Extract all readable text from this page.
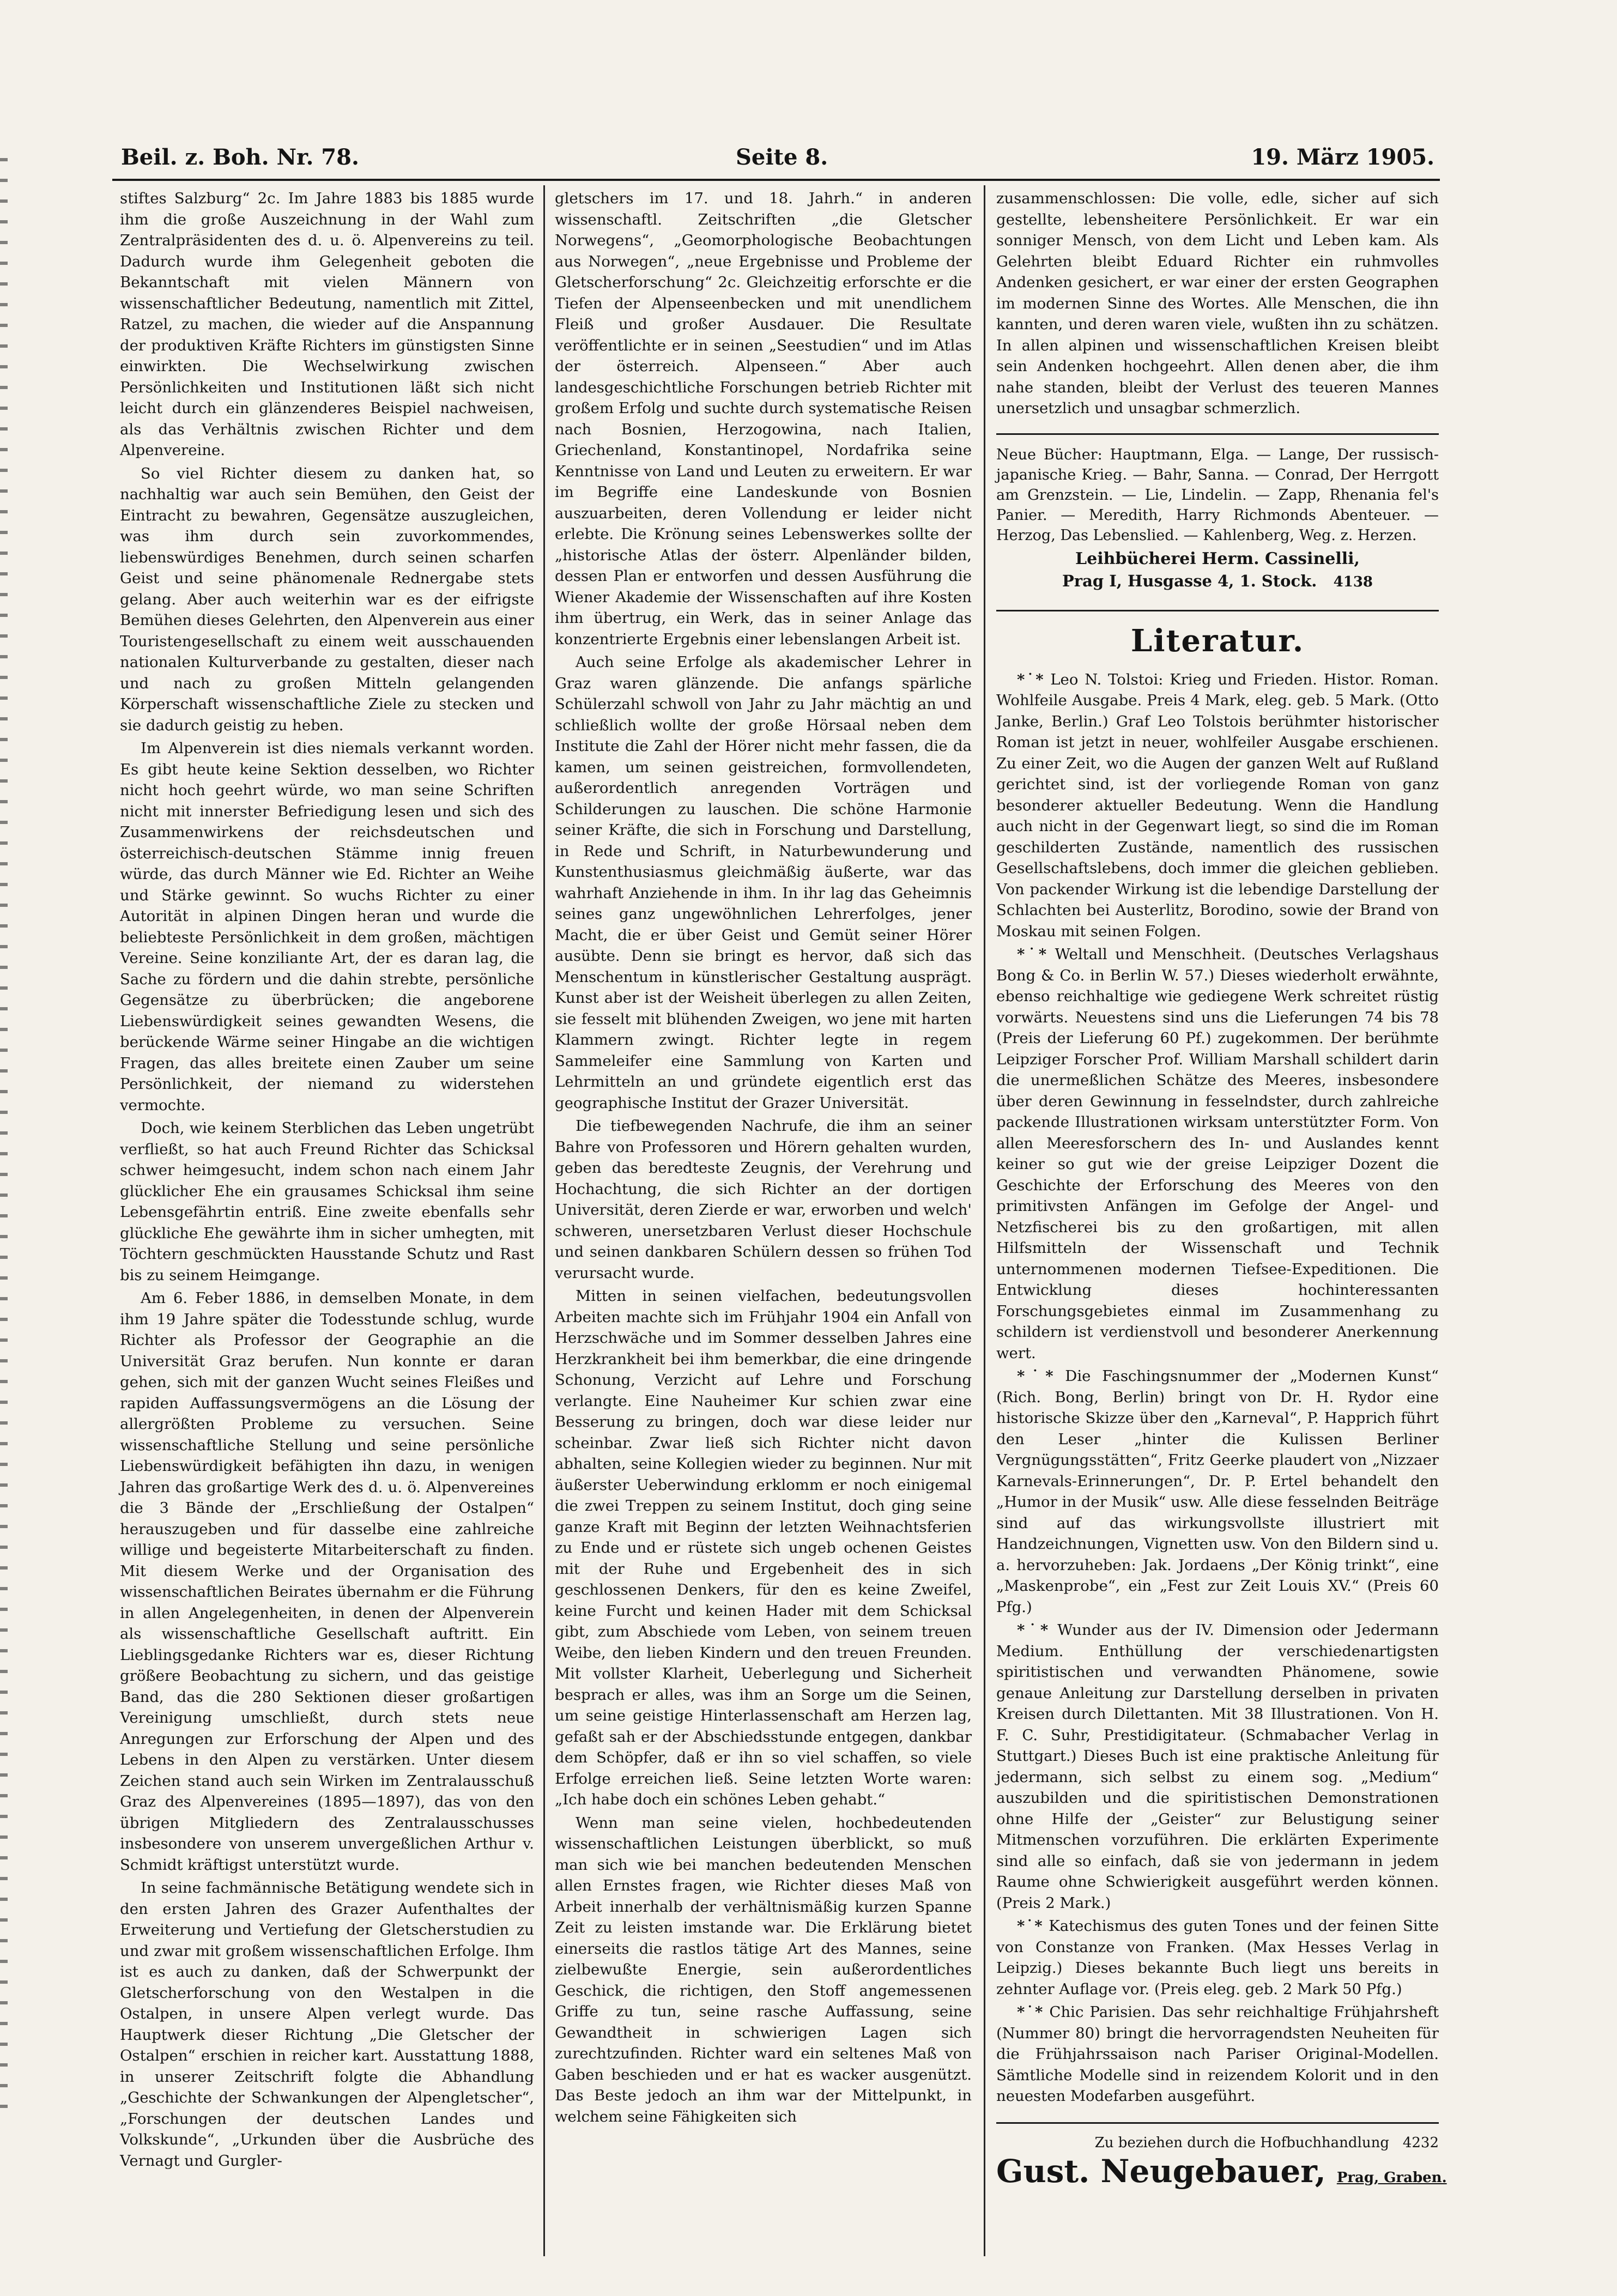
Beil. z. Boh. Nr. 78.	Seite 8.	19. März 1905.

stiftes Salzburg“ 2c. Im Jahre 1883 bis 1885 wurde ihm die große Auszeichnung in der Wahl zum Zentralpräsidenten des d. u. ö. Alpenvereins zu teil. Dadurch wurde ihm Gelegenheit geboten die Bekanntschaft mit vielen Männern von wissenschaftlicher Bedeutung, namentlich mit Zittel, Ratzel, zu machen, die wieder auf die Anspannung der produktiven Kräfte Richters im günstigsten Sinne einwirkten. Die Wechselwirkung zwischen Persönlichkeiten und Institutionen läßt sich nicht leicht durch ein glänzenderes Beispiel nachweisen, als das Verhältnis zwischen Richter und dem Alpenvereine.

So viel Richter diesem zu danken hat, so nachhaltig war auch sein Bemühen, den Geist der Eintracht zu bewahren, Gegensätze auszugleichen, was ihm durch sein zuvorkommendes, liebenswürdiges Benehmen, durch seinen scharfen Geist und seine phänomenale Rednergabe stets gelang. Aber auch weiterhin war es der eifrigste Bemühen dieses Gelehrten, den Alpenverein aus einer Touristengesellschaft zu einem weit ausschauenden nationalen Kulturverbande zu gestalten, dieser nach und nach zu großen Mitteln gelangenden Körperschaft wissenschaftliche Ziele zu stecken und sie dadurch geistig zu heben.

Im Alpenverein ist dies niemals verkannt worden. Es gibt heute keine Sektion desselben, wo Richter nicht hoch geehrt würde, wo man seine Schriften nicht mit innerster Befriedigung lesen und sich des Zusammenwirkens der reichsdeutschen und österreichisch-deutschen Stämme innig freuen würde, das durch Männer wie Ed. Richter an Weihe und Stärke gewinnt. So wuchs Richter zu einer Autorität in alpinen Dingen heran und wurde die beliebteste Persönlichkeit in dem großen, mächtigen Vereine. Seine konziliante Art, der es daran lag, die Sache zu fördern und die dahin strebte, persönliche Gegensätze zu überbrücken; die angeborene Liebenswürdigkeit seines gewandten Wesens, die berückende Wärme seiner Hingabe an die wichtigen Fragen, das alles breitete einen Zauber um seine Persönlichkeit, der niemand zu widerstehen vermochte.

Doch, wie keinem Sterblichen das Leben ungetrübt verfließt, so hat auch Freund Richter das Schicksal schwer heimgesucht, indem schon nach einem Jahr glücklicher Ehe ein grausames Schicksal ihm seine Lebensgefährtin entriß. Eine zweite ebenfalls sehr glückliche Ehe gewährte ihm in sicher umhegten, mit Töchtern geschmückten Hausstande Schutz und Rast bis zu seinem Heimgange.

Am 6. Feber 1886, in demselben Monate, in dem ihm 19 Jahre später die Todesstunde schlug, wurde Richter als Professor der Geographie an die Universität Graz berufen. Nun konnte er daran gehen, sich mit der ganzen Wucht seines Fleißes und rapiden Auffassungsvermögens an die Lösung der allergrößten Probleme zu versuchen. Seine wissenschaftliche Stellung und seine persönliche Liebenswürdigkeit befähigten ihn dazu, in wenigen Jahren das großartige Werk des d. u. ö. Alpenvereines die 3 Bände der „Erschließung der Ostalpen“ herauszugeben und für dasselbe eine zahlreiche willige und begeisterte Mitarbeiterschaft zu finden. Mit diesem Werke und der Organisation des wissenschaftlichen Beirates übernahm er die Führung in allen Angelegenheiten, in denen der Alpenverein als wissenschaftliche Gesellschaft auftritt. Ein Lieblingsgedanke Richters war es, dieser Richtung größere Beobachtung zu sichern, und das geistige Band, das die 280 Sektionen dieser großartigen Vereinigung umschließt, durch stets neue Anregungen zur Erforschung der Alpen und des Lebens in den Alpen zu verstärken. Unter diesem Zeichen stand auch sein Wirken im Zentralausschuß Graz des Alpenvereines (1895—1897), das von den übrigen Mitgliedern des Zentralausschusses insbesondere von unserem unvergeßlichen Arthur v. Schmidt kräftigst unterstützt wurde.

In seine fachmännische Betätigung wendete sich in den ersten Jahren des Grazer Aufenthaltes der Erweiterung und Vertiefung der Gletscherstudien zu und zwar mit großem wissenschaftlichen Erfolge. Ihm ist es auch zu danken, daß der Schwerpunkt der Gletscherforschung von den Westalpen in die Ostalpen, in unsere Alpen verlegt wurde. Das Hauptwerk dieser Richtung „Die Gletscher der Ostalpen“ erschien in reicher kart. Ausstattung 1888, in unserer Zeitschrift folgte die Abhandlung „Geschichte der Schwankungen der Alpengletscher“, „Forschungen der deutschen Landes und Volkskunde“, „Urkunden über die Ausbrüche des Vernagt und Gurgler-

gletschers im 17. und 18. Jahrh.“ in anderen wissenschaftl. Zeitschriften „die Gletscher Norwegens“, „Geomorphologische Beobachtungen aus Norwegen“, „neue Ergebnisse und Probleme der Gletscherforschung“ 2c. Gleichzeitig erforschte er die Tiefen der Alpenseenbecken und mit unendlichem Fleiß und großer Ausdauer. Die Resultate veröffentlichte er in seinen „Seestudien“ und im Atlas der österreich. Alpenseen.“ Aber auch landesgeschichtliche Forschungen betrieb Richter mit großem Erfolg und suchte durch systematische Reisen nach Bosnien, Herzogowina, nach Italien, Griechenland, Konstantinopel, Nordafrika seine Kenntnisse von Land und Leuten zu erweitern. Er war im Begriffe eine Landeskunde von Bosnien auszuarbeiten, deren Vollendung er leider nicht erlebte. Die Krönung seines Lebenswerkes sollte der „historische Atlas der österr. Alpenländer bilden, dessen Plan er entworfen und dessen Ausführung die Wiener Akademie der Wissenschaften auf ihre Kosten ihm übertrug, ein Werk, das in seiner Anlage das konzentrierte Ergebnis einer lebenslangen Arbeit ist.

Auch seine Erfolge als akademischer Lehrer in Graz waren glänzende. Die anfangs spärliche Schülerzahl schwoll von Jahr zu Jahr mächtig an und schließlich wollte der große Hörsaal neben dem Institute die Zahl der Hörer nicht mehr fassen, die da kamen, um seinen geistreichen, formvollendeten, außerordentlich anregenden Vorträgen und Schilderungen zu lauschen. Die schöne Harmonie seiner Kräfte, die sich in Forschung und Darstellung, in Rede und Schrift, in Naturbewunderung und Kunstenthusiasmus gleichmäßig äußerte, war das wahrhaft Anziehende in ihm. In ihr lag das Geheimnis seines ganz ungewöhnlichen Lehrerfolges, jener Macht, die er über Geist und Gemüt seiner Hörer ausübte. Denn sie bringt es hervor, daß sich das Menschentum in künstlerischer Gestaltung ausprägt. Kunst aber ist der Weisheit überlegen zu allen Zeiten, sie fesselt mit blühenden Zweigen, wo jene mit harten Klammern zwingt. Richter legte in regem Sammeleifer eine Sammlung von Karten und Lehrmitteln an und gründete eigentlich erst das geographische Institut der Grazer Universität.

Die tiefbewegenden Nachrufe, die ihm an seiner Bahre von Professoren und Hörern gehalten wurden, geben das beredteste Zeugnis, der Verehrung und Hochachtung, die sich Richter an der dortigen Universität, deren Zierde er war, erworben und welch' schweren, unersetzbaren Verlust dieser Hochschule und seinen dankbaren Schülern dessen so frühen Tod verursacht wurde.

Mitten in seinen vielfachen, bedeutungsvollen Arbeiten machte sich im Frühjahr 1904 ein Anfall von Herzschwäche und im Sommer desselben Jahres eine Herzkrankheit bei ihm bemerkbar, die eine dringende Schonung, Verzicht auf Lehre und Forschung verlangte. Eine Nauheimer Kur schien zwar eine Besserung zu bringen, doch war diese leider nur scheinbar. Zwar ließ sich Richter nicht davon abhalten, seine Kollegien wieder zu beginnen. Nur mit äußerster Ueberwindung erklomm er noch einigemal die zwei Treppen zu seinem Institut, doch ging seine ganze Kraft mit Beginn der letzten Weihnachtsferien zu Ende und er rüstete sich ungeb ochenen Geistes mit der Ruhe und Ergebenheit des in sich geschlossenen Denkers, für den es keine Zweifel, keine Furcht und keinen Hader mit dem Schicksal gibt, zum Abschiede vom Leben, von seinem treuen Weibe, den lieben Kindern und den treuen Freunden. Mit vollster Klarheit, Ueberlegung und Sicherheit besprach er alles, was ihm an Sorge um die Seinen, um seine geistige Hinterlassenschaft am Herzen lag, gefaßt sah er der Abschiedsstunde entgegen, dankbar dem Schöpfer, daß er ihn so viel schaffen, so viele Erfolge erreichen ließ. Seine letzten Worte waren: „Ich habe doch ein schönes Leben gehabt.“

Wenn man seine vielen, hochbedeutenden wissenschaftlichen Leistungen überblickt, so muß man sich wie bei manchen bedeutenden Menschen allen Ernstes fragen, wie Richter dieses Maß von Arbeit innerhalb der verhältnismäßig kurzen Spanne Zeit zu leisten imstande war. Die Erklärung bietet einerseits die rastlos tätige Art des Mannes, seine zielbewußte Energie, sein außerordentliches Geschick, die richtigen, den Stoff angemessenen Griffe zu tun, seine rasche Auffassung, seine Gewandtheit in schwierigen Lagen sich zurechtzufinden. Richter ward ein seltenes Maß von Gaben beschieden und er hat es wacker ausgenützt. Das Beste jedoch an ihm war der Mittelpunkt, in welchem seine Fähigkeiten sich

zusammenschlossen: Die volle, edle, sicher auf sich gestellte, lebensheitere Persönlichkeit. Er war ein sonniger Mensch, von dem Licht und Leben kam. Als Gelehrten bleibt Eduard Richter ein ruhmvolles Andenken gesichert, er war einer der ersten Geographen im modernen Sinne des Wortes. Alle Menschen, die ihn kannten, und deren waren viele, wußten ihn zu schätzen. In allen alpinen und wissenschaftlichen Kreisen bleibt sein Andenken hochgeehrt. Allen denen aber, die ihm nahe standen, bleibt der Verlust des teueren Mannes unersetzlich und unsagbar schmerzlich.

Neue Bücher: Hauptmann, Elga. — Lange, Der russisch-japanische Krieg. — Bahr, Sanna. — Conrad, Der Herrgott am Grenzstein. — Lie, Lindelin. — Zapp, Rhenania fel's Panier. — Meredith, Harry Richmonds Abenteuer. — Herzog, Das Lebenslied. — Kahlenberg, Weg. z. Herzen.

Leihbücherei Herm. Cassinelli,

Prag I, Husgasse 4, 1. Stock. 4138

Literatur.

*˙* Leo N. Tolstoi: Krieg und Frieden. Histor. Roman. Wohlfeile Ausgabe. Preis 4 Mark, eleg. geb. 5 Mark. (Otto Janke, Berlin.) Graf Leo Tolstois berühmter historischer Roman ist jetzt in neuer, wohlfeiler Ausgabe erschienen. Zu einer Zeit, wo die Augen der ganzen Welt auf Rußland gerichtet sind, ist der vorliegende Roman von ganz besonderer aktueller Bedeutung. Wenn die Handlung auch nicht in der Gegenwart liegt, so sind die im Roman geschilderten Zustände, namentlich des russischen Gesellschaftslebens, doch immer die gleichen geblieben. Von packender Wirkung ist die lebendige Darstellung der Schlachten bei Austerlitz, Borodino, sowie der Brand von Moskau mit seinen Folgen.

*˙* Weltall und Menschheit. (Deutsches Verlagshaus Bong & Co. in Berlin W. 57.) Dieses wiederholt erwähnte, ebenso reichhaltige wie gediegene Werk schreitet rüstig vorwärts. Neuestens sind uns die Lieferungen 74 bis 78 (Preis der Lieferung 60 Pf.) zugekommen. Der berühmte Leipziger Forscher Prof. William Marshall schildert darin die unermeßlichen Schätze des Meeres, insbesondere über deren Gewinnung in fesselndster, durch zahlreiche packende Illustrationen wirksam unterstützter Form. Von allen Meeresforschern des In- und Auslandes kennt keiner so gut wie der greise Leipziger Dozent die Geschichte der Erforschung des Meeres von den primitivsten Anfängen im Gefolge der Angel- und Netzfischerei bis zu den großartigen, mit allen Hilfsmitteln der Wissenschaft und Technik unternommenen modernen Tiefsee-Expeditionen. Die Entwicklung dieses hochinteressanten Forschungsgebietes einmal im Zusammenhang zu schildern ist verdienstvoll und besonderer Anerkennung wert.

*˙* Die Faschingsnummer der „Modernen Kunst“ (Rich. Bong, Berlin) bringt von Dr. H. Rydor eine historische Skizze über den „Karneval“, P. Happrich führt den Leser „hinter die Kulissen Berliner Vergnügungsstätten“, Fritz Geerke plaudert von „Nizzaer Karnevals-Erinnerungen“, Dr. P. Ertel behandelt den „Humor in der Musik“ usw. Alle diese fesselnden Beiträge sind auf das wirkungsvollste illustriert mit Handzeichnungen, Vignetten usw. Von den Bildern sind u. a. hervorzuheben: Jak. Jordaens „Der König trinkt“, eine „Maskenprobe“, ein „Fest zur Zeit Louis XV.“ (Preis 60 Pfg.)

*˙* Wunder aus der IV. Dimension oder Jedermann Medium. Enthüllung der verschiedenartigsten spiritistischen und verwandten Phänomene, sowie genaue Anleitung zur Darstellung derselben in privaten Kreisen durch Dilettanten. Mit 38 Illustrationen. Von H. F. C. Suhr, Prestidigitateur. (Schmabacher Verlag in Stuttgart.) Dieses Buch ist eine praktische Anleitung für jedermann, sich selbst zu einem sog. „Medium“ auszubilden und die spiritistischen Demonstrationen ohne Hilfe der „Geister“ zur Belustigung seiner Mitmenschen vorzuführen. Die erklärten Experimente sind alle so einfach, daß sie von jedermann in jedem Raume ohne Schwierigkeit ausgeführt werden können. (Preis 2 Mark.)

*˙* Katechismus des guten Tones und der feinen Sitte von Constanze von Franken. (Max Hesses Verlag in Leipzig.) Dieses bekannte Buch liegt uns bereits in zehnter Auflage vor. (Preis eleg. geb. 2 Mark 50 Pfg.)

*˙* Chic Parisien. Das sehr reichhaltige Frühjahrsheft (Nummer 80) bringt die hervorragendsten Neuheiten für die Frühjahrssaison nach Pariser Original-Modellen. Sämtliche Modelle sind in reizendem Kolorit und in den neuesten Modefarben ausgeführt.

Zu beziehen durch die Hofbuchhandlung 4232
Gust. Neugebauer, Prag, Graben.
